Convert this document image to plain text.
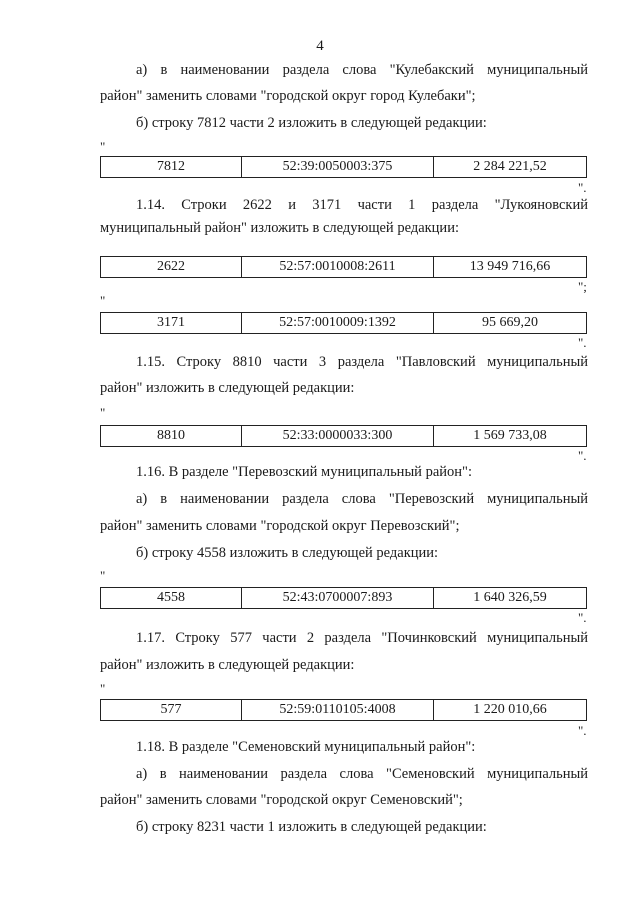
4
а) в наименовании раздела слова "Кулебакский муниципальный
район" заменить словами "городской округ город Кулебаки";
б) строку 7812 части 2 изложить в следующей редакции:
"
7812	52:39:0050003:375	2 284 221,52
".
1.14. Строки 2622 и 3171 части 1 раздела "Лукояновский
муниципальный район" изложить в следующей редакции:
2622	52:57:0010008:2611	13 949 716,66
";
"
3171	52:57:0010009:1392	95 669,20
".
1.15. Строку 8810 части 3 раздела "Павловский муниципальный
район" изложить в следующей редакции:
"
8810	52:33:0000033:300	1 569 733,08
".
1.16. В разделе "Перевозский муниципальный район":
а) в наименовании раздела слова "Перевозский муниципальный
район" заменить словами "городской округ Перевозский";
б) строку 4558 изложить в следующей редакции:
"
4558	52:43:0700007:893	1 640 326,59
".
1.17. Строку 577 части 2 раздела "Починковский муниципальный
район" изложить в следующей редакции:
"
577	52:59:0110105:4008	1 220 010,66
".
1.18. В разделе "Семеновский муниципальный район":
а) в наименовании раздела слова "Семеновский муниципальный
район" заменить словами "городской округ Семеновский";
б) строку 8231 части 1 изложить в следующей редакции:
